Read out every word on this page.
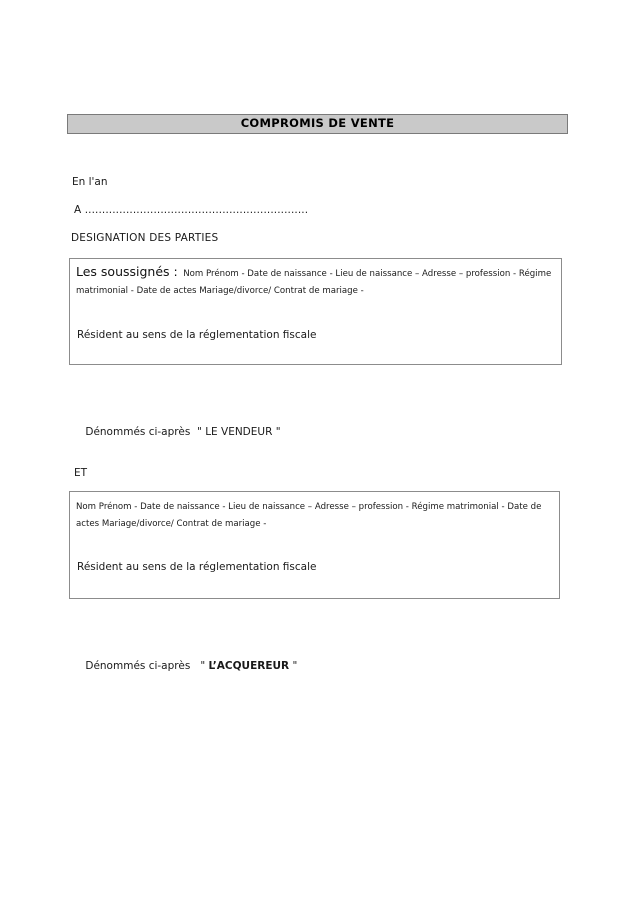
COMPROMIS DE VENTE
En l'an
A .................................................................
DESIGNATION DES PARTIES
Les soussignés : Nom Prénom - Date de naissance - Lieu de naissance – Adresse – profession - Régime matrimonial - Date de actes Mariage/divorce/ Contrat de mariage -
Résident au sens de la réglementation fiscale

Dénommés ci-après " LE VENDEUR "

ET
Nom Prénom - Date de naissance - Lieu de naissance – Adresse – profession - Régime matrimonial - Date de actes Mariage/divorce/ Contrat de mariage -
Résident au sens de la réglementation fiscale

Dénommés ci-après " L’ACQUEREUR "
